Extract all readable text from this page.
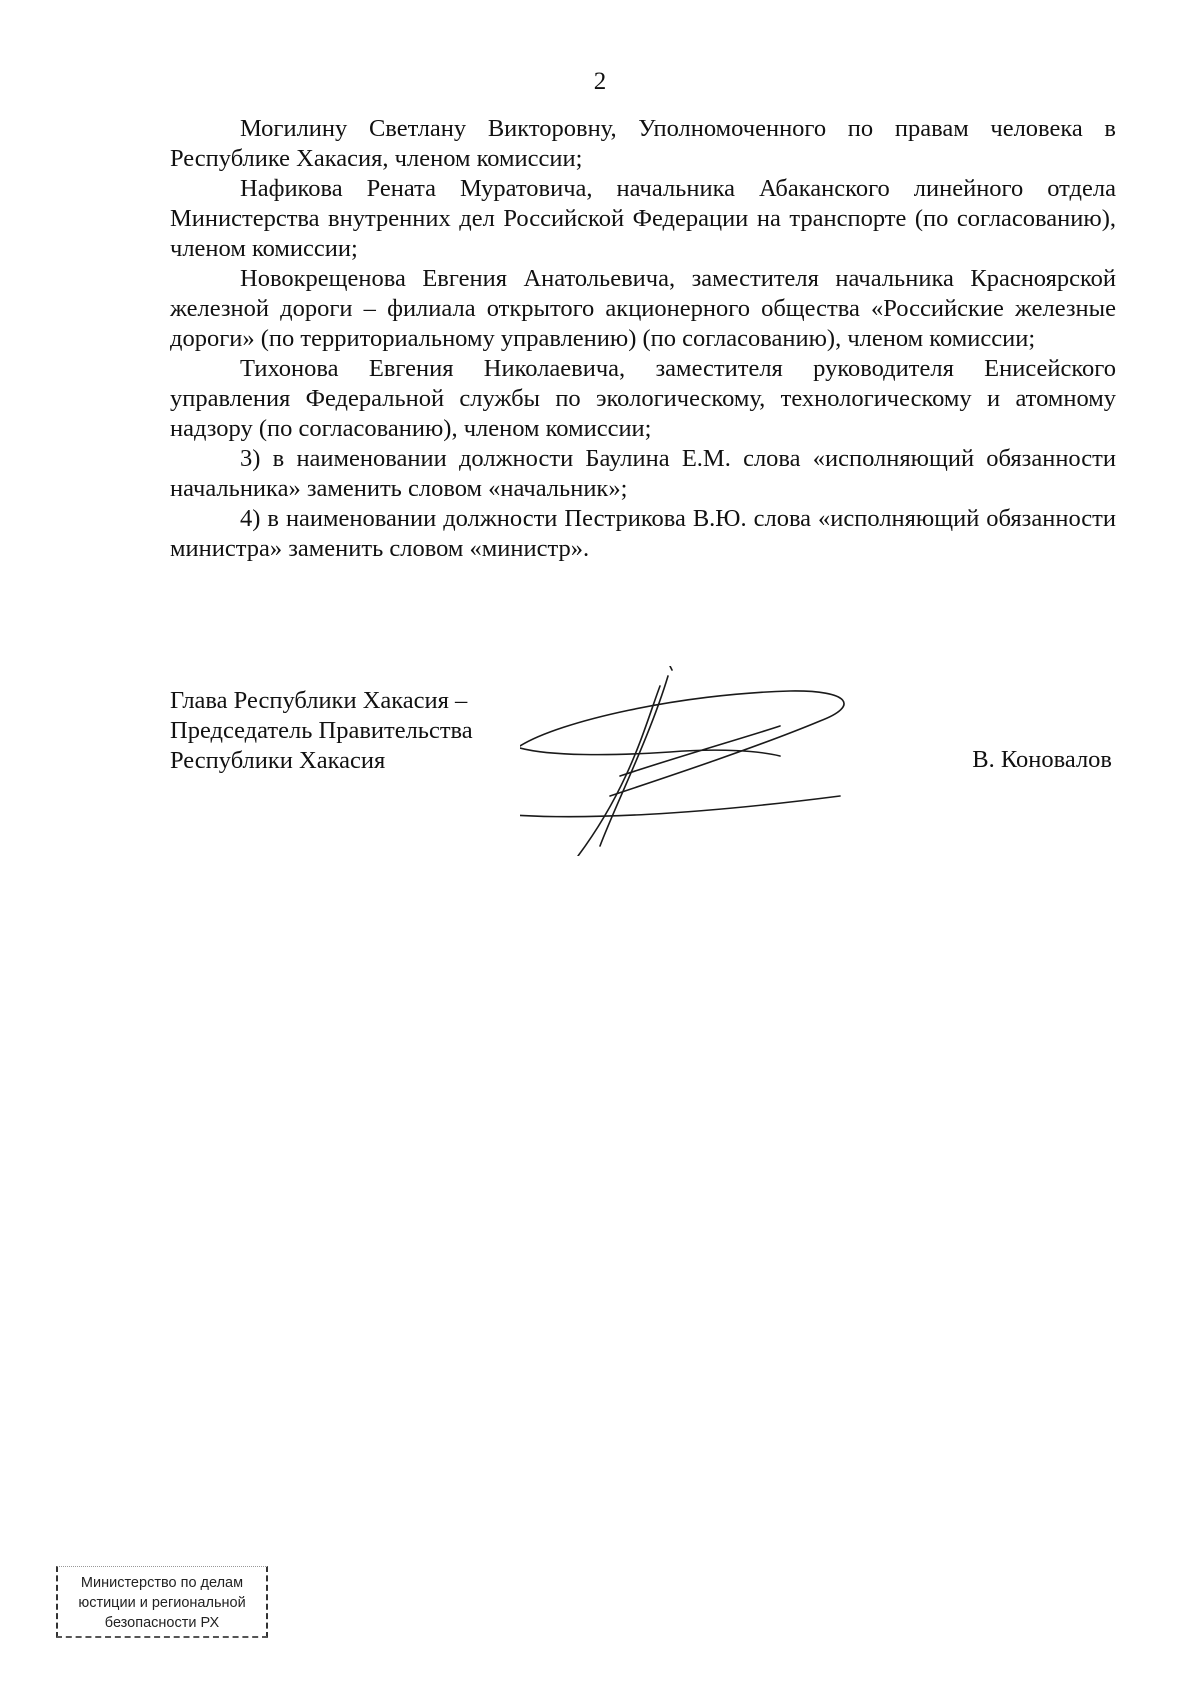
2

Могилину Светлану Викторовну, Уполномоченного по правам человека в Республике Хакасия, членом комиссии;

Нафикова Рената Муратовича, начальника Абаканского линейного отдела Министерства внутренних дел Российской Федерации на транспорте (по согласованию), членом комиссии;

Новокрещенова Евгения Анатольевича, заместителя начальника Красноярской железной дороги – филиала открытого акционерного общества «Российские железные дороги» (по территориальному управлению) (по согласованию), членом комиссии;

Тихонова Евгения Николаевича, заместителя руководителя Енисейского управления Федеральной службы по экологическому, технологическому и атомному надзору (по согласованию), членом комиссии;

3) в наименовании должности Баулина Е.М. слова «исполняющий обязанности начальника» заменить словом «начальник»;

4) в наименовании должности Пестрикова В.Ю. слова «исполняющий обязанности министра» заменить словом «министр».

Глава Республики Хакасия –
Председатель Правительства
Республики Хакасия	В. Коновалов
Министерство по делам
юстиции и региональной
безопасности РХ
